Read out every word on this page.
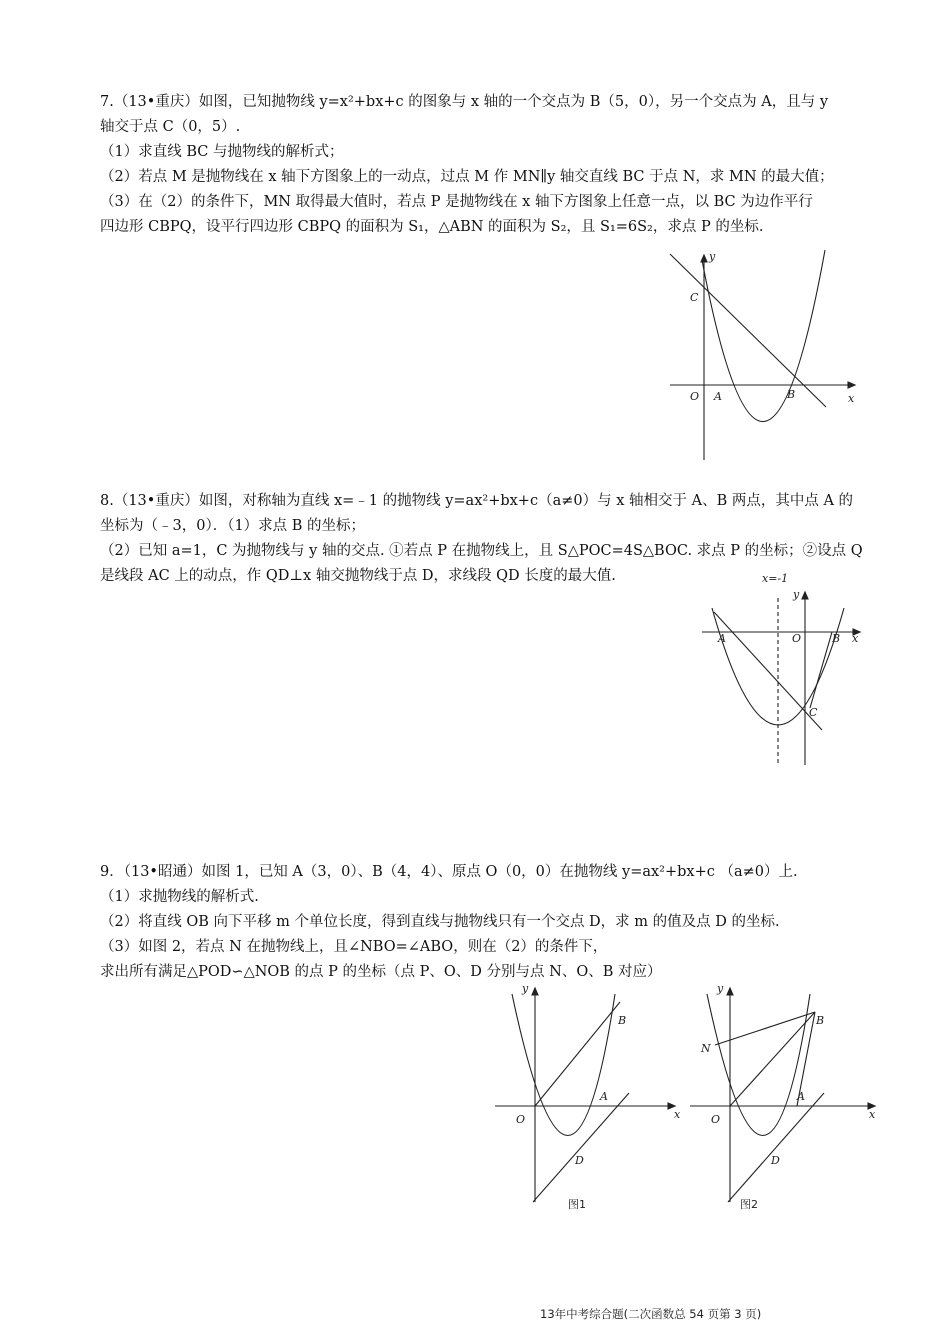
7.（13•重庆）如图，已知抛物线 y=x²+bx+c 的图象与 x 轴的一个交点为 B（5，0），另一个交点为 A，且与 y

轴交于点 C（0，5）.

（1）求直线 BC 与抛物线的解析式；

（2）若点 M 是抛物线在 x 轴下方图象上的一动点，过点 M 作 MN∥y 轴交直线 BC 于点 N，求 MN 的最大值；

（3）在（2）的条件下，MN 取得最大值时，若点 P 是抛物线在 x 轴下方图象上任意一点，以 BC 为边作平行

四边形 CBPQ，设平行四边形 CBPQ 的面积为 S₁，△ABN 的面积为 S₂，且 S₁=6S₂，求点 P 的坐标.

y
x
O A	B
C

8.（13•重庆）如图，对称轴为直线 x=﹣1 的抛物线 y=ax²+bx+c（a≠0）与 x 轴相交于 A、B 两点，其中点 A 的

坐标为（﹣3，0）．（1）求点 B 的坐标；

（2）已知 a=1，C 为抛物线与 y 轴的交点. ①若点 P 在抛物线上，且 S△POC=4S△BOC. 求点 P 的坐标；②设点 Q

是线段 AC 上的动点，作 QD⊥x 轴交抛物线于点 D，求线段 QD 长度的最大值.	x=-1
y
x
A	O	B
C

9．（13•昭通）如图 1，已知 A（3，0）、B（4，4）、原点 O（0，0）在抛物线 y=ax²+bx+c （a≠0）上.

（1）求抛物线的解析式.

（2）将直线 OB 向下平移 m 个单位长度，得到直线与抛物线只有一个交点 D，求 m 的值及点 D 的坐标.

（3）如图 2，若点 N 在抛物线上，且∠NBO=∠ABO，则在（2）的条件下，

求出所有满足△POD∽△NOB 的点 P 的坐标（点 P、O、D 分别与点 N、O、B 对应）

y
x
O
A
B
D
图1
y
x
O
A
B
D
N
图2
13年中考综合题(二次函数总 54 页第 3 页)
